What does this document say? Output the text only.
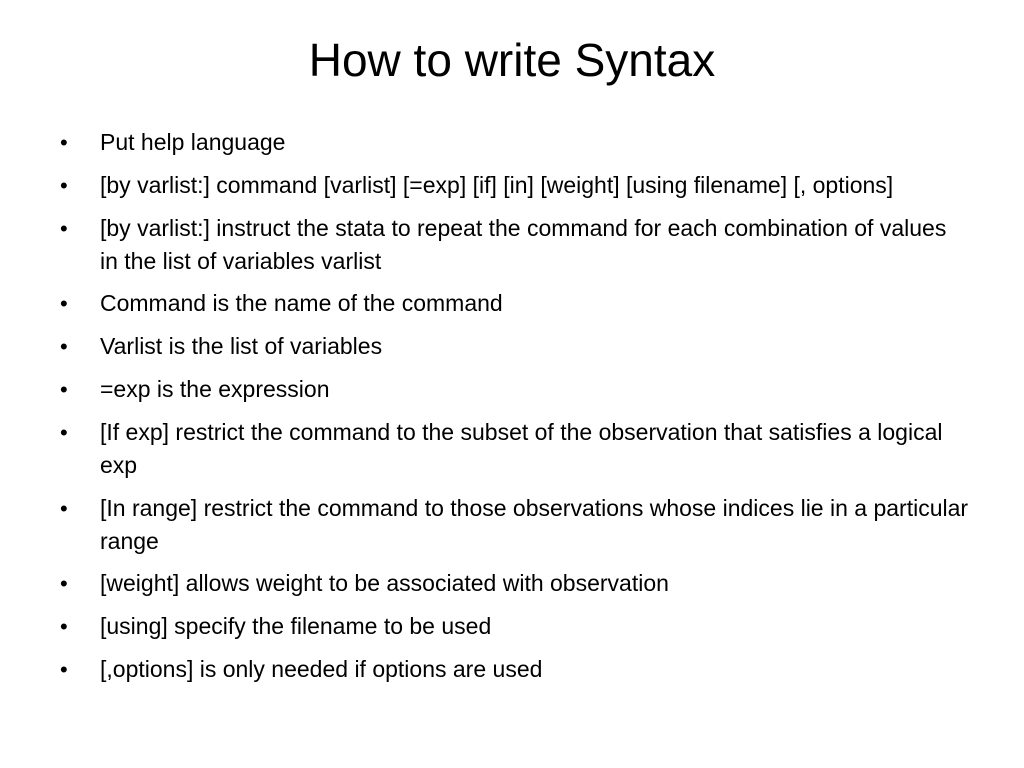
How to write Syntax
•	Put help language
•	[by varlist:] command [varlist] [=exp] [if] [in] [weight] [using filename] [, options]
•	[by varlist:] instruct the stata to repeat the command for each combination of values in the list of variables varlist
•	Command is the name of the command
•	Varlist is the list of variables
•	=exp is the expression
•	[If exp] restrict the command to the subset of the observation that satisfies a logical exp
•	[In range] restrict the command to those observations whose indices lie in a particular range
•	[weight] allows weight to be associated with observation
•	[using] specify the filename to be used
•	[,options] is only needed if options are used
